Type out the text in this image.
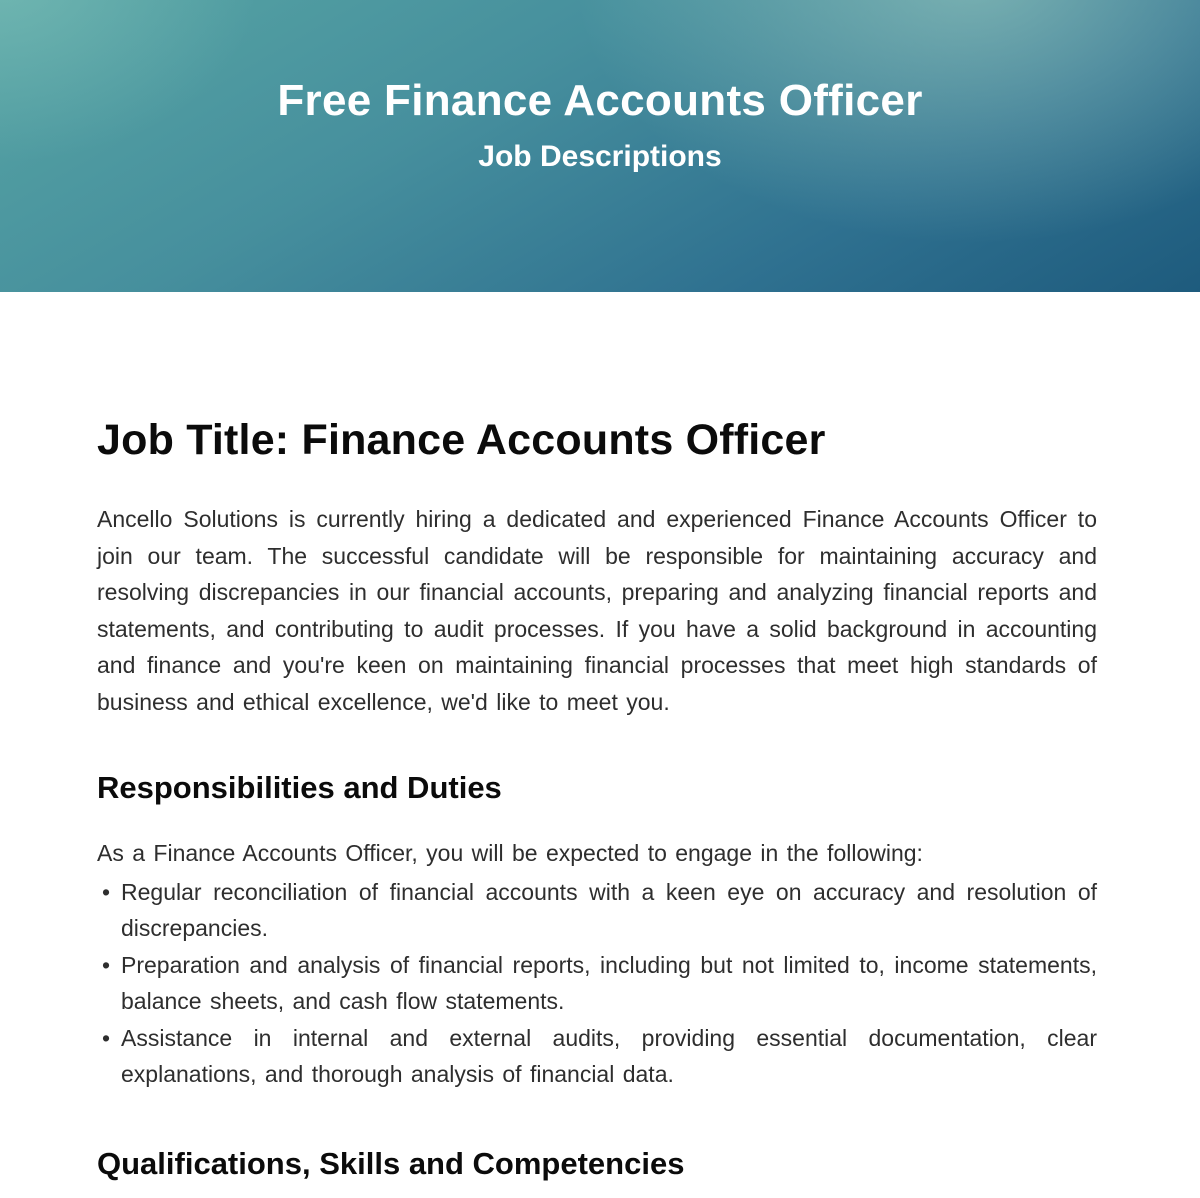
Free Finance Accounts Officer
Job Descriptions
Job Title: Finance Accounts Officer

Ancello Solutions is currently hiring a dedicated and experienced Finance Accounts Officer to join our team. The successful candidate will be responsible for maintaining accuracy and resolving discrepancies in our financial accounts, preparing and analyzing financial reports and statements, and contributing to audit processes. If you have a solid background in accounting and finance and you're keen on maintaining financial processes that meet high standards of business and ethical excellence, we'd like to meet you.

Responsibilities and Duties

As a Finance Accounts Officer, you will be expected to engage in the following:

• Regular reconciliation of financial accounts with a keen eye on accuracy and resolution of discrepancies.
• Preparation and analysis of financial reports, including but not limited to, income statements, balance sheets, and cash flow statements.
• Assistance in internal and external audits, providing essential documentation, clear explanations, and thorough analysis of financial data.
Qualifications, Skills and Competencies
